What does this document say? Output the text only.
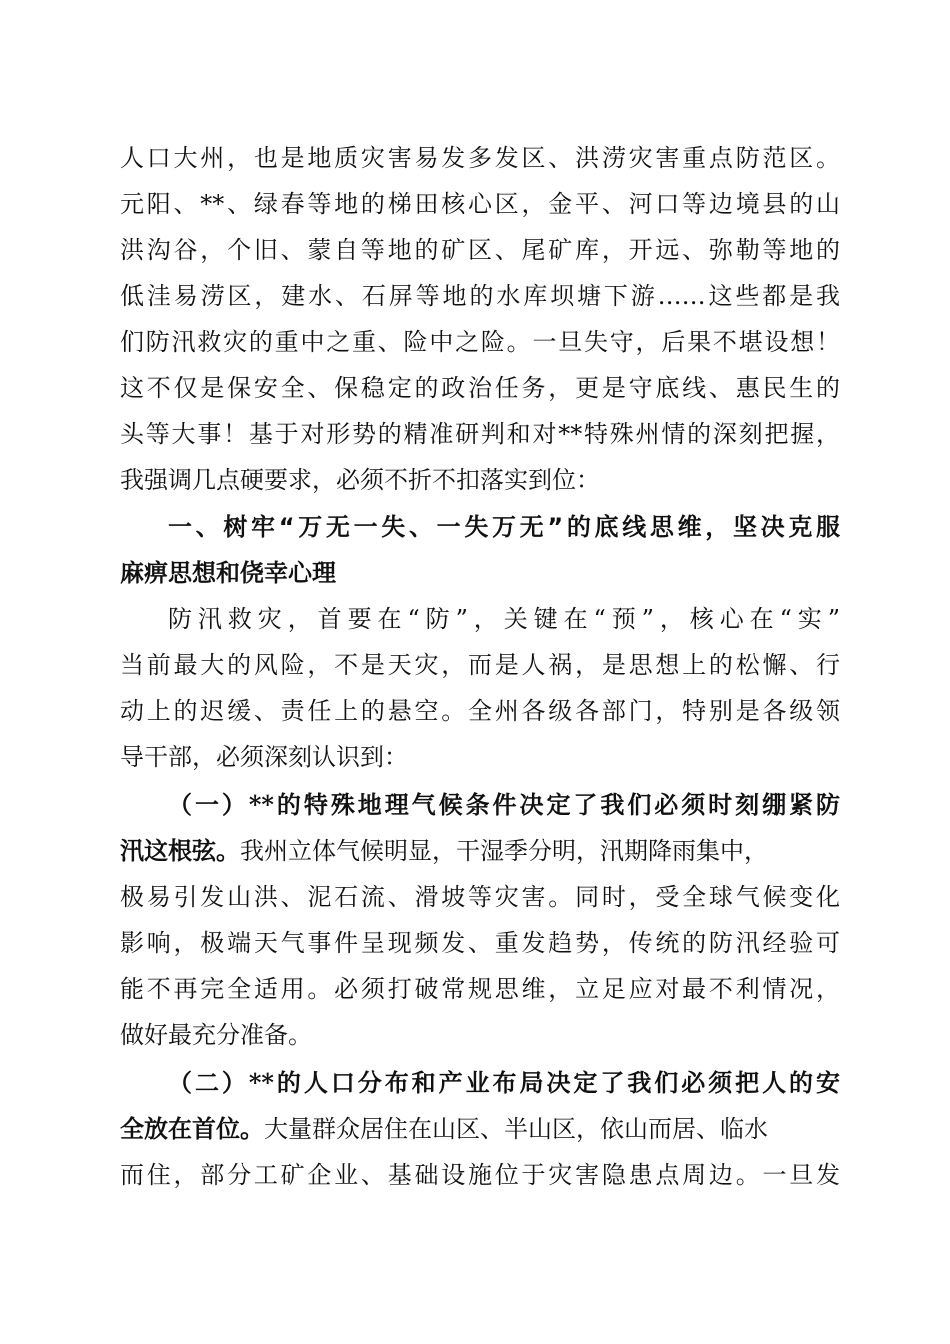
人口大州，也是地质灾害易发多发区、洪涝灾害重点防范区。
元阳、**、绿春等地的梯田核心区，金平、河口等边境县的山
洪沟谷，个旧、蒙自等地的矿区、尾矿库，开远、弥勒等地的
低洼易涝区，建水、石屏等地的水库坝塘下游……这些都是我
们防汛救灾的重中之重、险中之险。一旦失守，后果不堪设想！
这不仅是保安全、保稳定的政治任务，更是守底线、惠民生的
头等大事！基于对形势的精准研判和对**特殊州情的深刻把握，
我强调几点硬要求，必须不折不扣落实到位：
一、树牢“万无一失、一失万无”的底线思维，坚决克服
麻痹思想和侥幸心理
防汛救灾，首要在“防”，关键在“预”，核心在“实”
当前最大的风险，不是天灾，而是人祸，是思想上的松懈、行
动上的迟缓、责任上的悬空。全州各级各部门，特别是各级领
导干部，必须深刻认识到：
（一）**的特殊地理气候条件决定了我们必须时刻绷紧防
汛这根弦。我州立体气候明显，干湿季分明，汛期降雨集中，
极易引发山洪、泥石流、滑坡等灾害。同时，受全球气候变化
影响，极端天气事件呈现频发、重发趋势，传统的防汛经验可
能不再完全适用。必须打破常规思维，立足应对最不利情况，
做好最充分准备。
（二）**的人口分布和产业布局决定了我们必须把人的安
全放在首位。大量群众居住在山区、半山区，依山而居、临水
而住，部分工矿企业、基础设施位于灾害隐患点周边。一旦发
